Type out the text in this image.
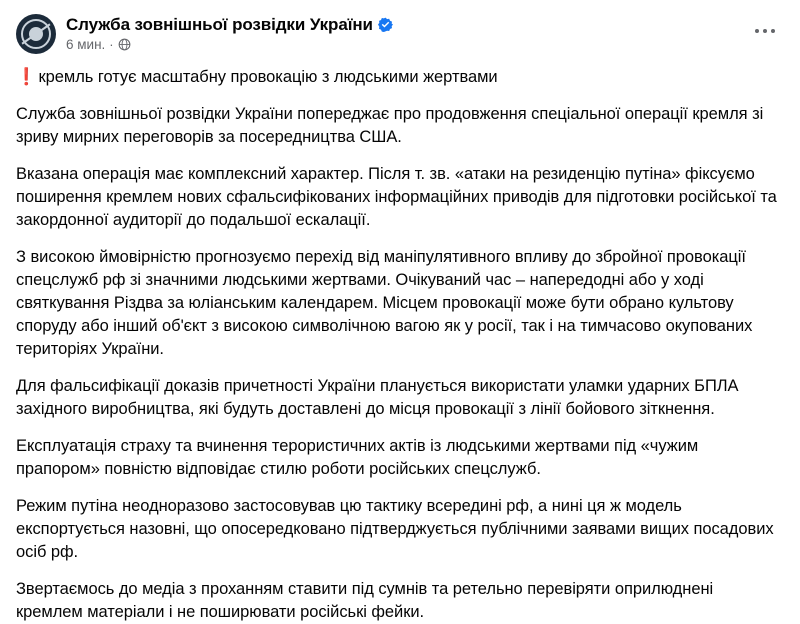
Служба зовнішньої розвідки України
6 мин. ·

❗ кремль готує масштабну провокацію з людськими жертвами

Служба зовнішньої розвідки України попереджає про продовження спеціальної операції кремля зі зриву мирних переговорів за посередництва США.

Вказана операція має комплексний характер. Після т. зв. «атаки на резиденцію путіна» фіксуємо поширення кремлем нових сфальсифікованих інформаційних приводів для підготовки російської та закордонної аудиторії до подальшої ескалації.

З високою ймовірністю прогнозуємо перехід від маніпулятивного впливу до збройної провокації спецслужб рф зі значними людськими жертвами. Очікуваний час – напередодні або у ході святкування Різдва за юліанським календарем. Місцем провокації може бути обрано культову споруду або інший об'єкт з високою символічною вагою як у росії, так і на тимчасово окупованих територіях України.

Для фальсифікації доказів причетності України планується використати уламки ударних БПЛА західного виробництва, які будуть доставлені до місця провокації з лінії бойового зіткнення.

Експлуатація страху та вчинення терористичних актів із людськими жертвами під «чужим прапором» повністю відповідає стилю роботи російських спецслужб.

Режим путіна неодноразово застосовував цю тактику всередині рф, а нині ця ж модель експортується назовні, що опосередковано підтверджується публічними заявами вищих посадових осіб рф.

Звертаємось до медіа з проханням ставити під сумнів та ретельно перевіряти оприлюднені кремлем матеріали і не поширювати російські фейки.
